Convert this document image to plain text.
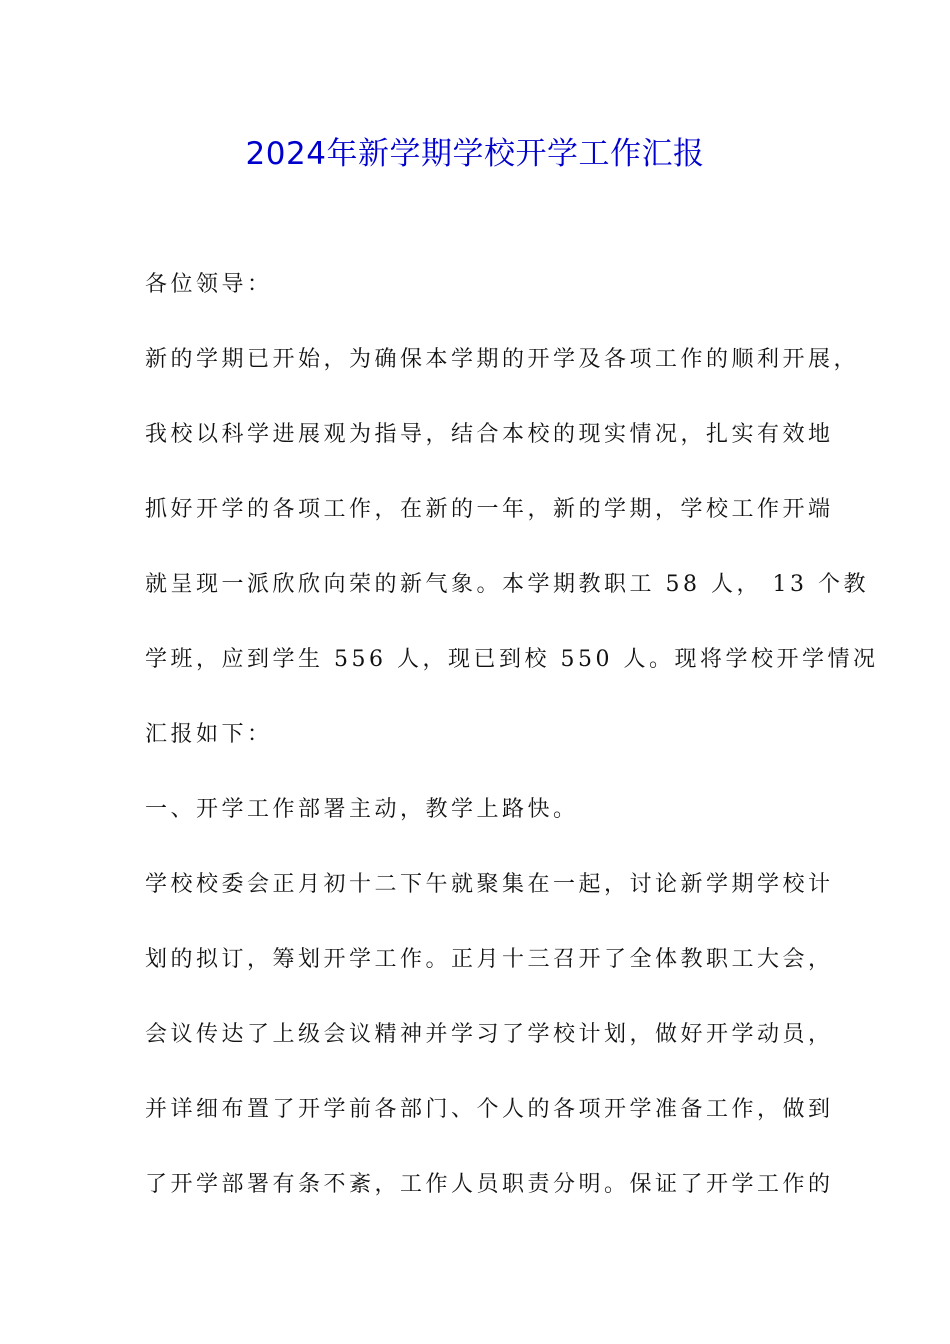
2024年新学期学校开学工作汇报
各位领导：
新的学期已开始，为确保本学期的开学及各项工作的顺利开展，
我校以科学进展观为指导，结合本校的现实情况，扎实有效地
抓好开学的各项工作，在新的一年，新的学期，学校工作开端
就呈现一派欣欣向荣的新气象。本学期教职工 58 人， 13 个教
学班，应到学生 556 人，现已到校 550 人。现将学校开学情况
汇报如下：
一、开学工作部署主动，教学上路快。
学校校委会正月初十二下午就聚集在一起，讨论新学期学校计
划的拟订，筹划开学工作。正月十三召开了全体教职工大会，
会议传达了上级会议精神并学习了学校计划，做好开学动员，
并详细布置了开学前各部门、个人的各项开学准备工作，做到
了开学部署有条不紊，工作人员职责分明。保证了开学工作的
